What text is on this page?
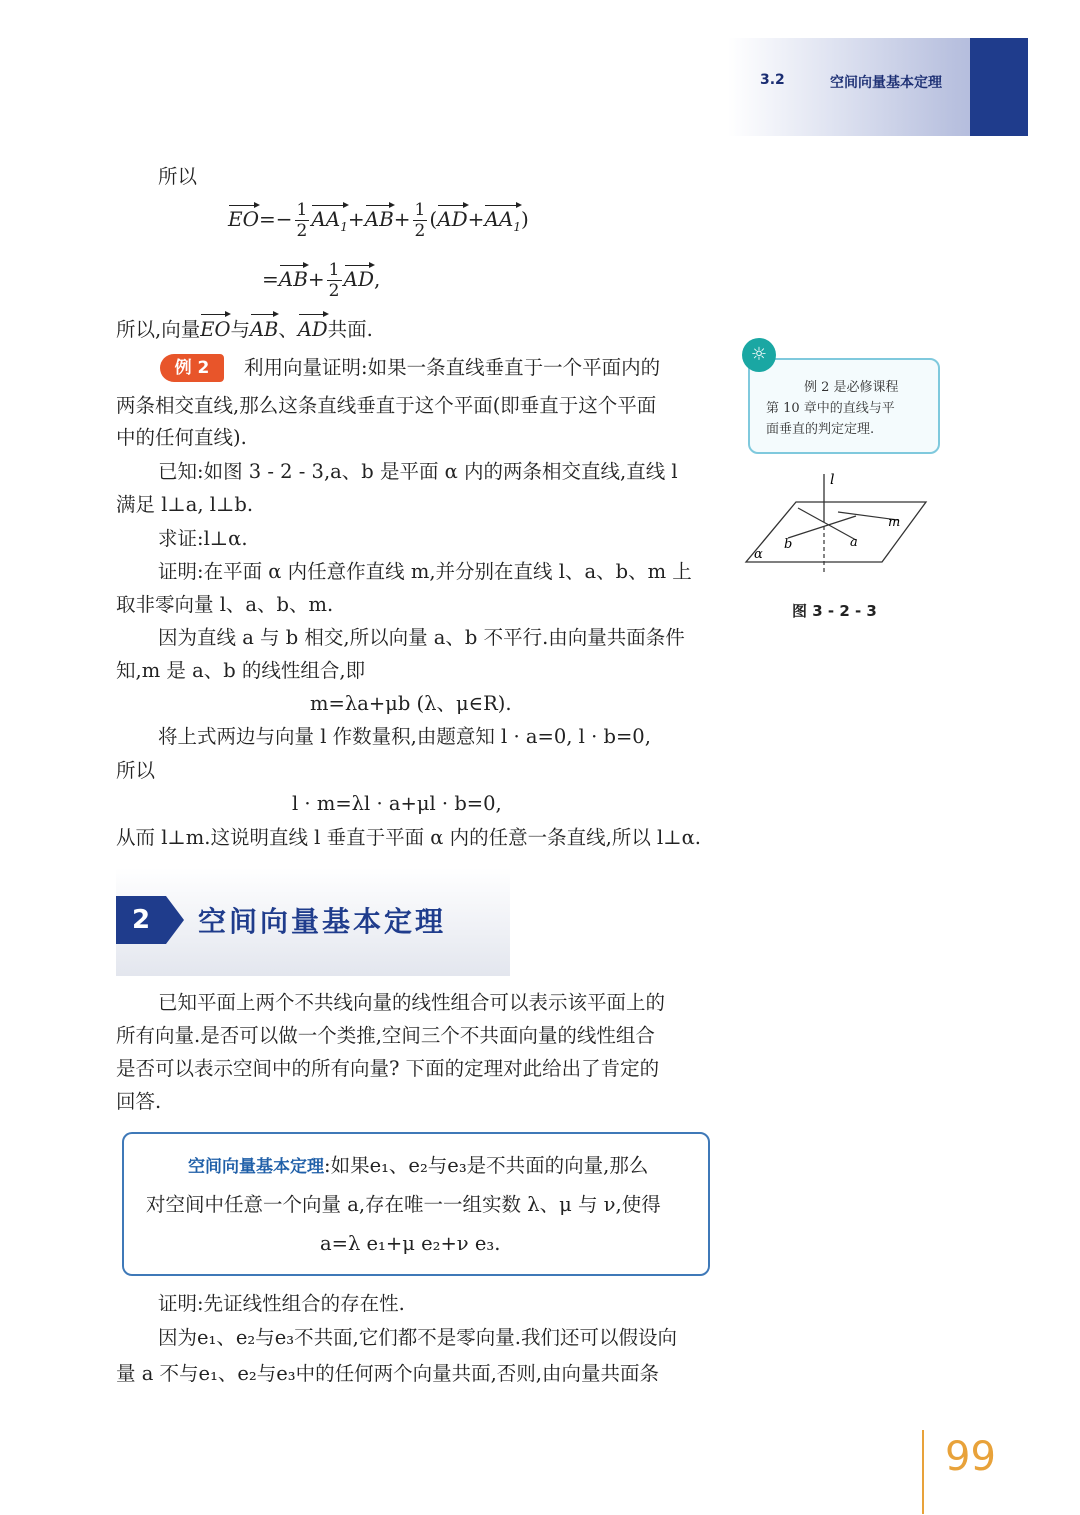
3.2	空间向量基本定理
所以
$EO=- \frac{1}{2} AA_1+AB+ \frac{1}{2} (AD+AA_1)$
$=AB+ \frac{1}{2}$ AD,
所以,向量EO与AB、AD共面.
例 2	利用向量证明:如果一条直线垂直于一个平面内的
两条相交直线,那么这条直线垂直于这个平面(即垂直于这个平面
中的任何直线).
已知:如图 3 - 2 - 3,a、b 是平面 α 内的两条相交直线,直线 l
满足 l⊥a, l⊥b.
求证:l⊥α.
证明:在平面 α 内任意作直线 m,并分别在直线 l、a、b、m 上
取非零向量 l、a、b、m.
因为直线 a 与 b 相交,所以向量 a、b 不平行.由向量共面条件
知,m 是 a、b 的线性组合,即
m=λa+μb (λ、μ∈R).
将上式两边与向量 l 作数量积,由题意知 l · a=0, l · b=0,
所以
l · m=λl · a+μl · b=0,
从而 l⊥m.这说明直线 l 垂直于平面 α 内的任意一条直线,所以 l⊥α.
☼
例 2 是必修课程
第 10 章中的直线与平
面垂直的判定定理.
l
m
a
b
α
图 3 - 2 - 3
2	空间向量基本定理
已知平面上两个不共线向量的线性组合可以表示该平面上的
所有向量.是否可以做一个类推,空间三个不共面向量的线性组合
是否可以表示空间中的所有向量? 下面的定理对此给出了肯定的
回答.
空间向量基本定理:如果e₁、e₂与e₃是不共面的向量,那么
对空间中任意一个向量 a,存在唯一一组实数 λ、μ 与 ν,使得
a=λ e₁+μ e₂+ν e₃.
证明:先证线性组合的存在性.
因为e₁、e₂与e₃不共面,它们都不是零向量.我们还可以假设向
量 a 不与e₁、e₂与e₃中的任何两个向量共面,否则,由向量共面条
99
